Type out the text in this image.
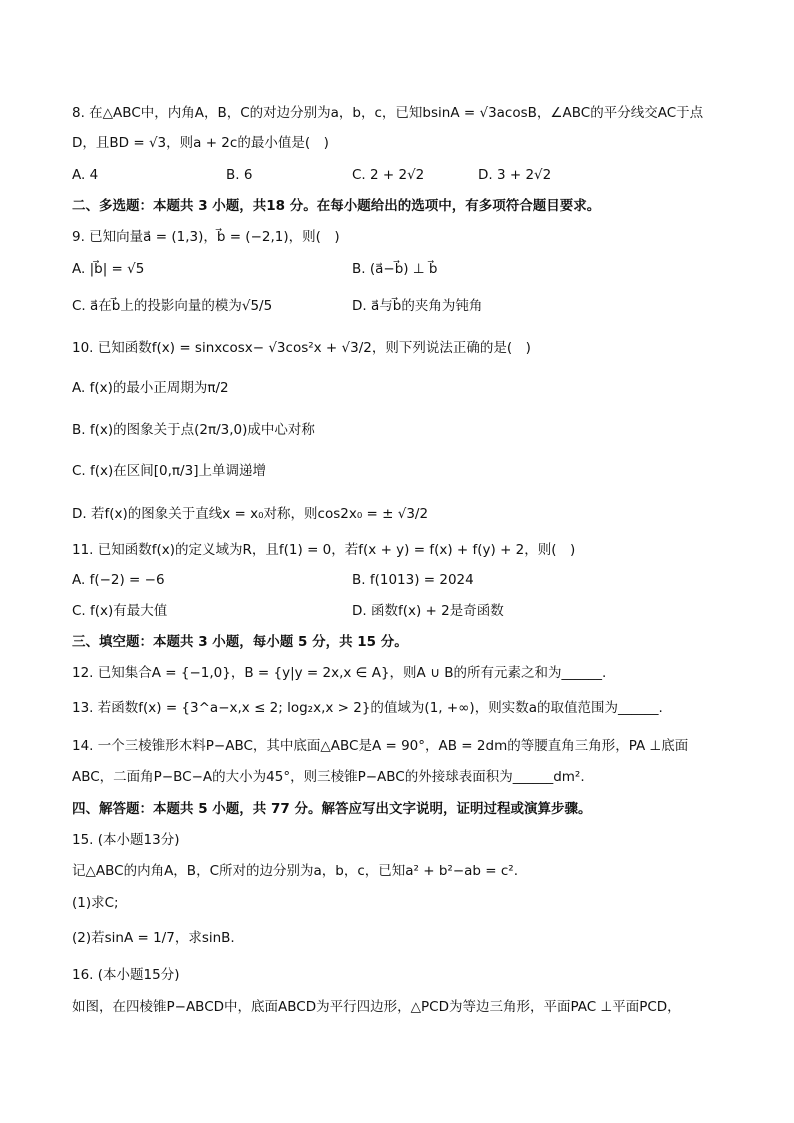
8. 在△ABC中，内角A，B，C的对边分别为a，b，c，已知bsinA = √3acosB，∠ABC的平分线交AC于点
D，且BD = √3，则a + 2c的最小值是(　)
A. 4	B. 6	C. 2 + 2√2	D. 3 + 2√2
二、多选题：本题共 3 小题，共18 分。在每小题给出的选项中，有多项符合题目要求。
9. 已知向量a⃗ = (1,3)，b⃗ = (−2,1)，则(　)
A. |b⃗| = √5	B. (a⃗−b⃗) ⊥ b⃗
C. a⃗在b⃗上的投影向量的模为√5/5	D. a⃗与b⃗的夹角为钝角
10. 已知函数f(x) = sinxcosx− √3cos²x + √3/2，则下列说法正确的是(　)
A. f(x)的最小正周期为π/2
B. f(x)的图象关于点(2π/3,0)成中心对称
C. f(x)在区间[0,π/3]上单调递增
D. 若f(x)的图象关于直线x = x₀对称，则cos2x₀ = ± √3/2
11. 已知函数f(x)的定义域为R，且f(1) = 0，若f(x + y) = f(x) + f(y) + 2，则(　)
A. f(−2) = −6	B. f(1013) = 2024
C. f(x)有最大值	D. 函数f(x) + 2是奇函数
三、填空题：本题共 3 小题，每小题 5 分，共 15 分。
12. 已知集合A = {−1,0}，B = {y|y = 2x,x ∈ A}，则A ∪ B的所有元素之和为______.
13. 若函数f(x) = {3^a−x,x ≤ 2; log₂x,x > 2}的值域为(1, +∞)，则实数a的取值范围为______.
14. 一个三棱锥形木料P−ABC，其中底面△ABC是A = 90°，AB = 2dm的等腰直角三角形，PA ⊥底面
ABC，二面角P−BC−A的大小为45°，则三棱锥P−ABC的外接球表面积为______dm².
四、解答题：本题共 5 小题，共 77 分。解答应写出文字说明，证明过程或演算步骤。
15. (本小题13分)
记△ABC的内角A，B，C所对的边分别为a，b，c，已知a² + b²−ab = c².
(1)求C;
(2)若sinA = 1/7，求sinB.
16. (本小题15分)
如图，在四棱锥P−ABCD中，底面ABCD为平行四边形，△PCD为等边三角形，平面PAC ⊥平面PCD，
